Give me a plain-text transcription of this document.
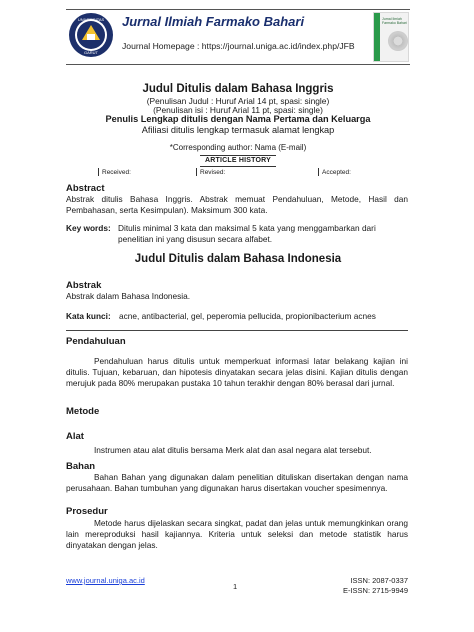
UNIVERSITAS
GARUT
Jurnal Ilmiah Farmako Bahari
Journal Homepage : https://journal.uniga.ac.id/index.php/JFB
Jurnal Ilmiah Farmako Bahari
Judul Ditulis dalam Bahasa Inggris
(Penulisan Judul : Huruf Arial 14 pt, spasi: single)
(Penulisan isi : Huruf Arial 11 pt, spasi: single)
Penulis Lengkap ditulis dengan Nama Pertama dan Keluarga
Afiliasi ditulis lengkap termasuk alamat lengkap
*Corresponding author: Nama (E-mail)
ARTICLE HISTORY
Received:	Revised:	Accepted:
Abstract
Abstrak ditulis Bahasa Inggris. Abstrak memuat Pendahuluan, Metode, Hasil dan Pembahasan, serta Kesimpulan). Maksimum 300 kata.
Key words: Ditulis minimal 3 kata dan maksimal 5 kata yang menggambarkan dari penelitian ini yang disusun secara alfabet.
Judul Ditulis dalam Bahasa Indonesia
Abstrak
Abstrak dalam Bahasa Indonesia.
Kata kunci: acne, antibacterial, gel, peperomia pellucida, propionibacterium acnes
Pendahuluan
Pendahuluan harus ditulis untuk memperkuat informasi latar belakang kajian ini ditulis. Tujuan, kebaruan, dan hipotesis dinyatakan secara jelas disini. Kajian ditulis dengan merujuk pada 80% merupakan pustaka 10 tahun terakhir dengan 80% berasal dari jurnal.
Metode
Alat
Instrumen atau alat ditulis bersama Merk alat dan asal negara alat tersebut.
Bahan
Bahan Bahan yang digunakan dalam penelitian dituliskan disertakan dengan nama perusahaan. Bahan tumbuhan yang digunakan harus disertakan voucher spesimennya.
Prosedur
Metode harus dijelaskan secara singkat, padat dan jelas untuk memungkinkan orang lain mereproduksi hasil kajiannya. Kriteria untuk seleksi dan metode statistik harus dinyatakan dengan jelas.
www.journal.uniga.ac.id
1
ISSN: 2087-0337
E-ISSN: 2715-9949
